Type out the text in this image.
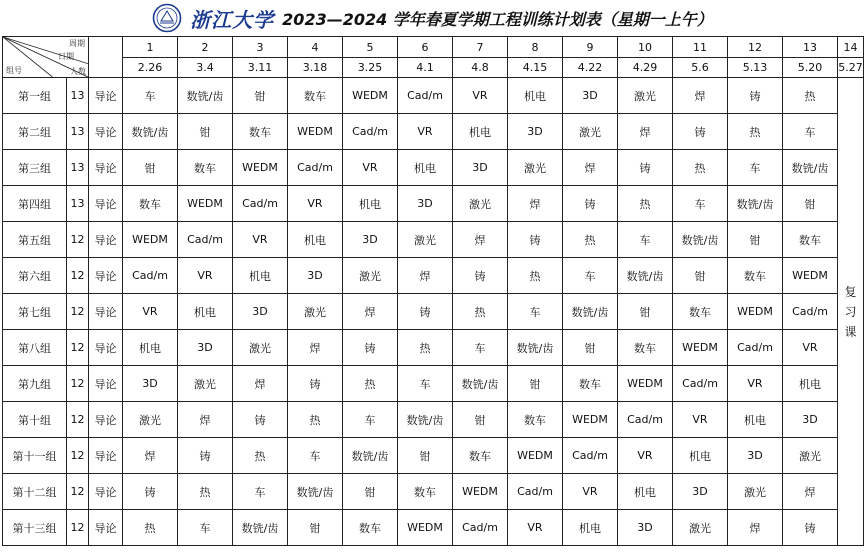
浙江大学 2023—2024 学年春夏学期工程训练计划表（星期一上午）
周期
日期
组号 人数			1	2	3	4	5	6	7	8	9	10	11	12	13	14	
			2.26	3.4	3.11	3.18	3.25	4.1	4.8	4.15	4.22	4.29	5.6	5.13	5.20	5.27	
第一组	13	导论	车	数铣/齿	钳	数车	WEDM	Cad/m	VR	机电	3D	激光	焊	铸	热	复
习
课	
第二组	13	导论	数铣/齿	钳	数车	WEDM	Cad/m	VR	机电	3D	激光	焊	铸	热	车		
第三组	13	导论	钳	数车	WEDM	Cad/m	VR	机电	3D	激光	焊	铸	热	车	数铣/齿		
第四组	13	导论	数车	WEDM	Cad/m	VR	机电	3D	激光	焊	铸	热	车	数铣/齿	钳		
第五组	12	导论	WEDM	Cad/m	VR	机电	3D	激光	焊	铸	热	车	数铣/齿	钳	数车		
第六组	12	导论	Cad/m	VR	机电	3D	激光	焊	铸	热	车	数铣/齿	钳	数车	WEDM		
第七组	12	导论	VR	机电	3D	激光	焊	铸	热	车	数铣/齿	钳	数车	WEDM	Cad/m		
第八组	12	导论	机电	3D	激光	焊	铸	热	车	数铣/齿	钳	数车	WEDM	Cad/m	VR		
第九组	12	导论	3D	激光	焊	铸	热	车	数铣/齿	钳	数车	WEDM	Cad/m	VR	机电		
第十组	12	导论	激光	焊	铸	热	车	数铣/齿	钳	数车	WEDM	Cad/m	VR	机电	3D		
第十一组	12	导论	焊	铸	热	车	数铣/齿	钳	数车	WEDM	Cad/m	VR	机电	3D	激光		
第十二组	12	导论	铸	热	车	数铣/齿	钳	数车	WEDM	Cad/m	VR	机电	3D	激光	焊		
第十三组	12	导论	热	车	数铣/齿	钳	数车	WEDM	Cad/m	VR	机电	3D	激光	焊	铸		
